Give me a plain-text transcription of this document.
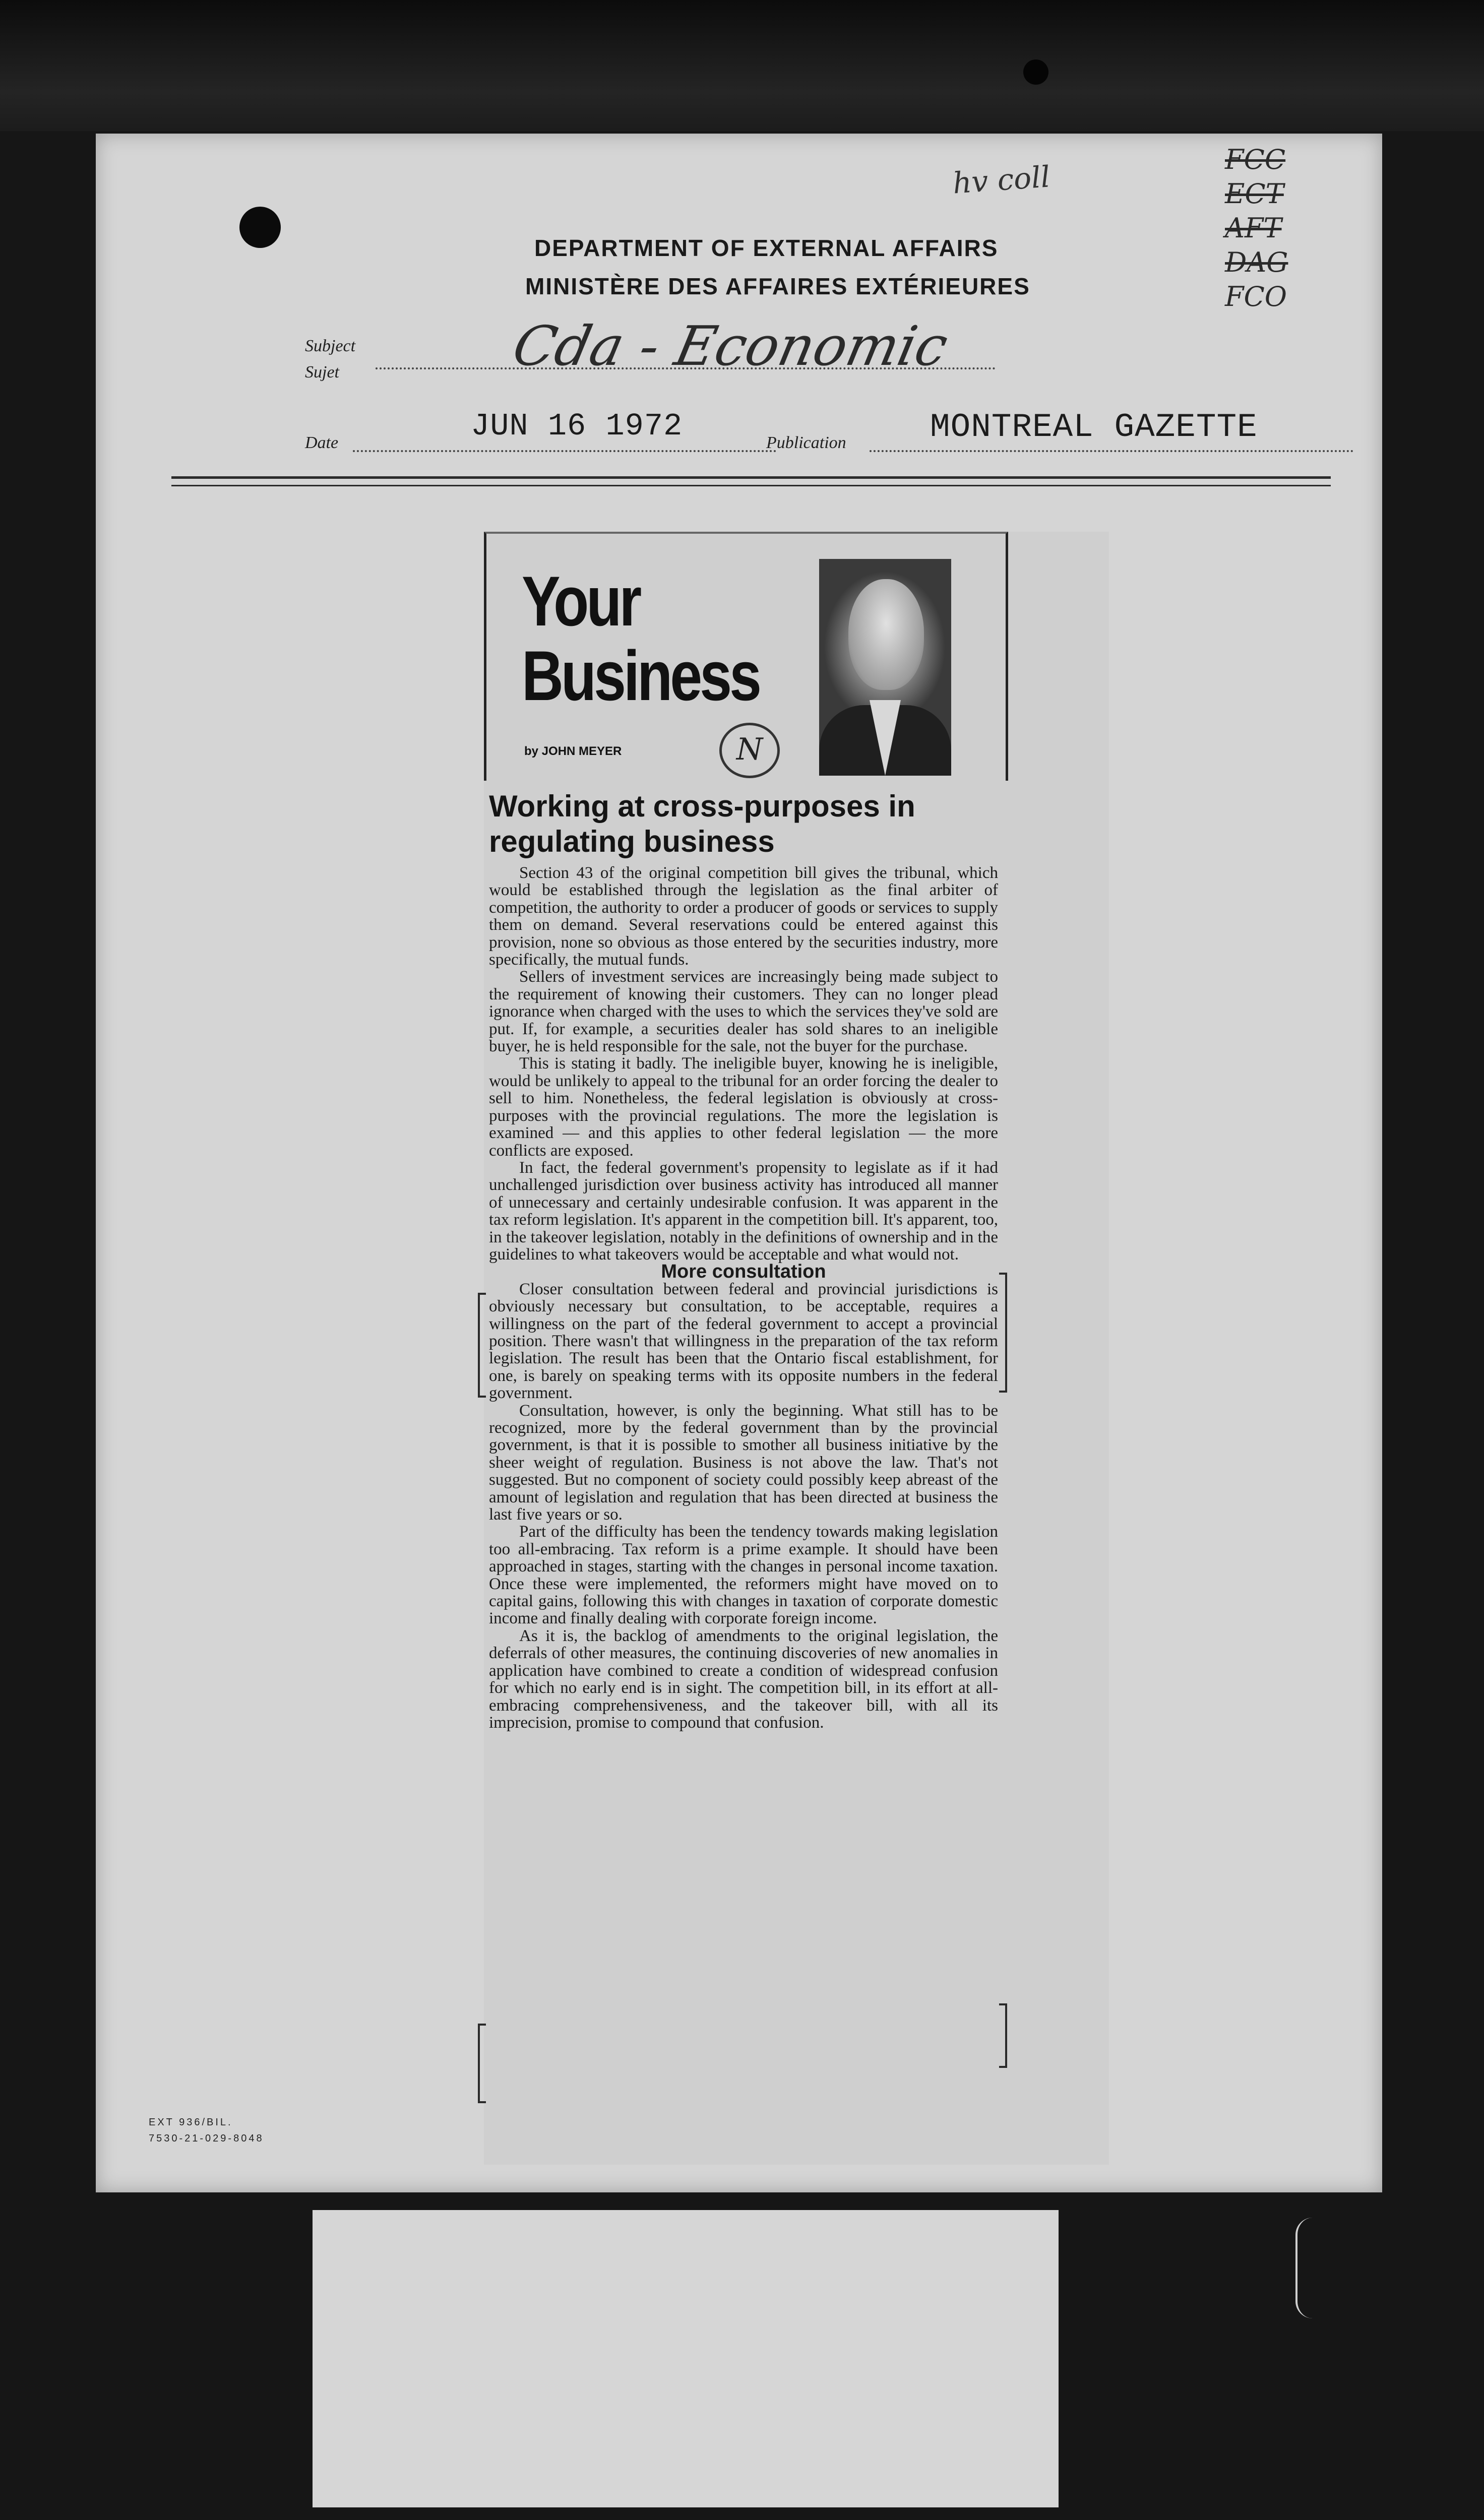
hv coll	FCC
ECT
AFT
DAG
FCO
DEPARTMENT OF EXTERNAL AFFAIRS
MINISTÈRE DES AFFAIRES EXTÉRIEURES
Subject
Sujet	Cda - Economic
Date	JUN 16 1972	Publication	MONTREAL GAZETTE
Your Business
by JOHN MEYER	N
Working at cross-purposes in regulating business

Section 43 of the original competition bill gives the tribunal, which would be established through the legislation as the final arbiter of competition, the authority to order a producer of goods or services to supply them on demand. Several reservations could be entered against this provision, none so obvious as those entered by the securities industry, more specifically, the mutual funds.

Sellers of investment services are increasingly being made subject to the requirement of knowing their customers. They can no longer plead ignorance when charged with the uses to which the services they've sold are put. If, for example, a securities dealer has sold shares to an ineligible buyer, he is held responsible for the sale, not the buyer for the purchase.

This is stating it badly. The ineligible buyer, knowing he is ineligible, would be unlikely to appeal to the tribunal for an order forcing the dealer to sell to him. Nonetheless, the federal legislation is obviously at cross-purposes with the provincial regulations. The more the legislation is examined — and this applies to other federal legislation — the more conflicts are exposed.

In fact, the federal government's propensity to legislate as if it had unchallenged jurisdiction over business activity has introduced all manner of unnecessary and certainly undesirable confusion. It was apparent in the tax reform legislation. It's apparent in the competition bill. It's apparent, too, in the takeover legislation, notably in the definitions of ownership and in the guidelines to what takeovers would be acceptable and what would not.

More consultation

Closer consultation between federal and provincial jurisdictions is obviously necessary but consultation, to be acceptable, requires a willingness on the part of the federal government to accept a provincial position. There wasn't that willingness in the preparation of the tax reform legislation. The result has been that the Ontario fiscal establishment, for one, is barely on speaking terms with its opposite numbers in the federal government.

Consultation, however, is only the beginning. What still has to be recognized, more by the federal government than by the provincial government, is that it is possible to smother all business initiative by the sheer weight of regulation. Business is not above the law. That's not suggested. But no component of society could possibly keep abreast of the amount of legislation and regulation that has been directed at business the last five years or so.

Part of the difficulty has been the tendency towards making legislation too all-embracing. Tax reform is a prime example. It should have been approached in stages, starting with the changes in personal income taxation. Once these were implemented, the reformers might have moved on to capital gains, following this with changes in taxation of corporate domestic income and finally dealing with corporate foreign income.

As it is, the backlog of amendments to the original legislation, the deferrals of other measures, the continuing discoveries of new anomalies in application have combined to create a condition of widespread confusion for which no early end is in sight. The competition bill, in its effort at all-embracing comprehensiveness, and the takeover bill, with all its imprecision, promise to compound that confusion.

EXT 936/BIL.
7530-21-029-8048
